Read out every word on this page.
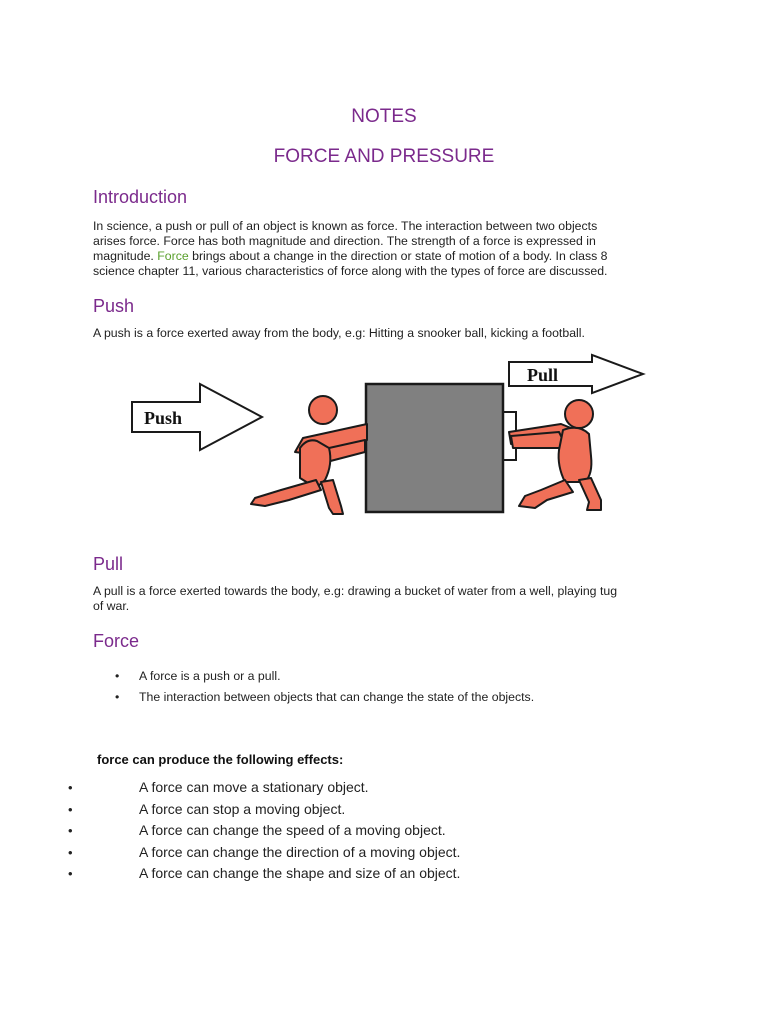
NOTES
FORCE AND PRESSURE
Introduction
In science, a push or pull of an object is known as force. The interaction between two objects
arises force. Force has both magnitude and direction. The strength of a force is expressed in
magnitude. Force brings about a change in the direction or state of motion of a body. In class 8
science chapter 11, various characteristics of force along with the types of force are discussed.
Push

A push is a force exerted away from the body, e.g: Hitting a snooker ball, kicking a football.

Push
Pull
Pull
A pull is a force exerted towards the body, e.g: drawing a bucket of water from a well, playing tug
of war.
Force
• A force is a push or a pull.
• The interaction between objects that can change the state of the objects.

force can produce the following effects:

•	A force can move a stationary object.
•	A force can stop a moving object.
•	A force can change the speed of a moving object.
•	A force can change the direction of a moving object.
•	A force can change the shape and size of an object.
